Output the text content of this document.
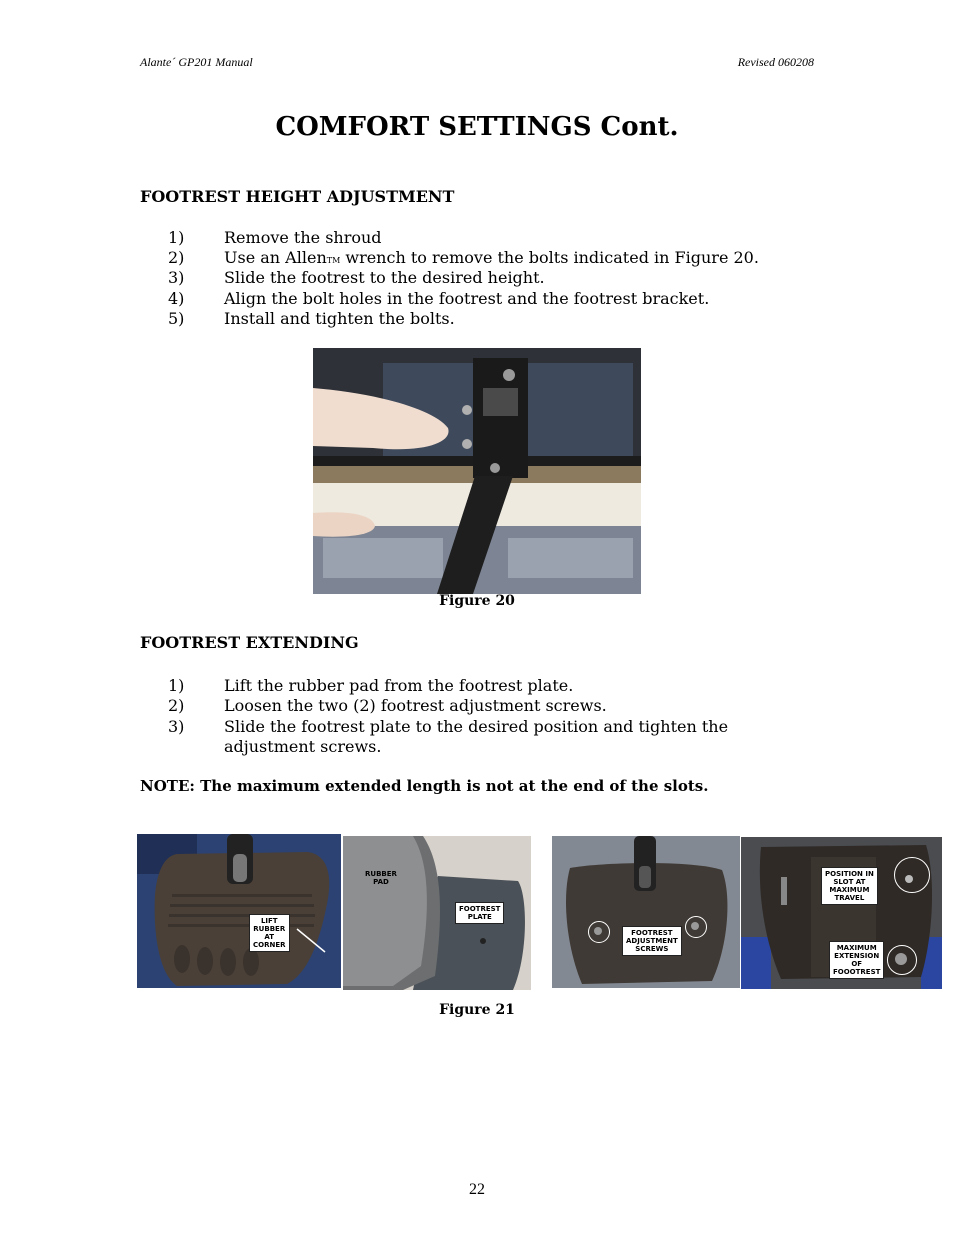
Alante´ GP201 Manual	Revised 060208
COMFORT SETTINGS Cont.
FOOTREST HEIGHT ADJUSTMENT
1) Remove the shroud
2) Use an AllenTM wrench to remove the bolts indicated in Figure 20.
3) Slide the footrest to the desired height.
4) Align the bolt holes in the footrest and the footrest bracket.
5) Install and tighten the bolts.
Figure 20
FOOTREST EXTENDING
1) Lift the rubber pad from the footrest plate.
2) Loosen the two (2) footrest adjustment screws.
3) Slide the footrest plate to the desired position and tighten the
adjustment screws.
NOTE: The maximum extended length is not at the end of the slots.
LIFT
RUBBER
AT
CORNER
RUBBER
PAD
FOOTREST
PLATE
FOOTREST
ADJUSTMENT
SCREWS
POSITION IN
SLOT AT
MAXIMUM
TRAVEL
MAXIMUM
EXTENSION
OF
FOOOTREST
Figure 21
22
